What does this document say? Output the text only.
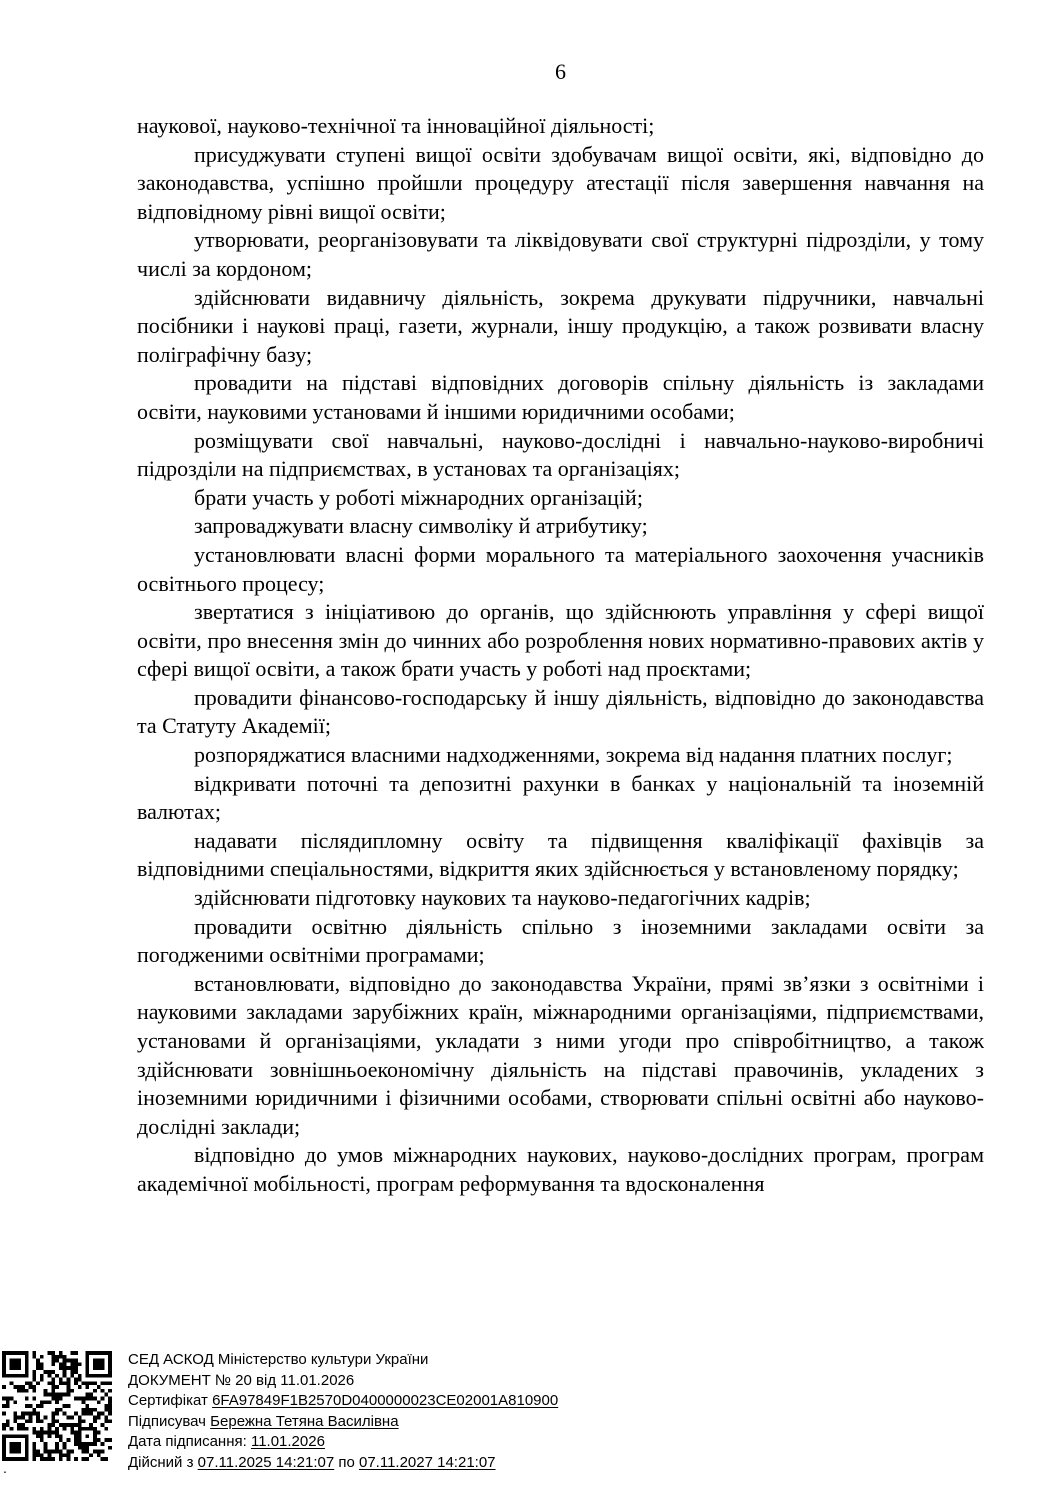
6

наукової, науково-технічної та інноваційної діяльності;

присуджувати ступені вищої освіти здобувачам вищої освіти, які, відповідно до законодавства, успішно пройшли процедуру атестації після завершення навчання на відповідному рівні вищої освіти;

утворювати, реорганізовувати та ліквідовувати свої структурні підрозділи, у тому числі за кордоном;

здійснювати видавничу діяльність, зокрема друкувати підручники, навчальні посібники і наукові праці, газети, журнали, іншу продукцію, а також розвивати власну поліграфічну базу;

провадити на підставі відповідних договорів спільну діяльність із закладами освіти, науковими установами й іншими юридичними особами;

розміщувати свої навчальні, науково-дослідні і навчально-науково-виробничі підрозділи на підприємствах, в установах та організаціях;

брати участь у роботі міжнародних організацій;

запроваджувати власну символіку й атрибутику;

установлювати власні форми морального та матеріального заохочення учасників освітнього процесу;

звертатися з ініціативою до органів, що здійснюють управління у сфері вищої освіти, про внесення змін до чинних або розроблення нових нормативно-правових актів у сфері вищої освіти, а також брати участь у роботі над проєктами;

провадити фінансово-господарську й іншу діяльність, відповідно до законодавства та Статуту Академії;

розпоряджатися власними надходженнями, зокрема від надання платних послуг;

відкривати поточні та депозитні рахунки в банках у національній та іноземній валютах;

надавати післядипломну освіту та підвищення кваліфікації фахівців за відповідними спеціальностями, відкриття яких здійснюється у встановленому порядку;

здійснювати підготовку наукових та науково-педагогічних кадрів;

провадити освітню діяльність спільно з іноземними закладами освіти за погодженими освітніми програмами;

встановлювати, відповідно до законодавства України, прямі зв’язки з освітніми і науковими закладами зарубіжних країн, міжнародними організаціями, підприємствами, установами й організаціями, укладати з ними угоди про співробітництво, а також здійснювати зовнішньоекономічну діяльність на підставі правочинів, укладених з іноземними юридичними і фізичними особами, створювати спільні освітні або науково-дослідні заклади;

відповідно до умов міжнародних наукових, науково-дослідних програм, програм академічної мобільності, програм реформування та вдосконалення

.
СЕД АСКОД Міністерство культури України
ДОКУМЕНТ № 20 від 11.01.2026
Сертифікат 6FA97849F1B2570D0400000023CE02001A810900
Підписувач Бережна Тетяна Василівна
Дата підписання: 11.01.2026
Дійсний з 07.11.2025 14:21:07 по 07.11.2027 14:21:07
